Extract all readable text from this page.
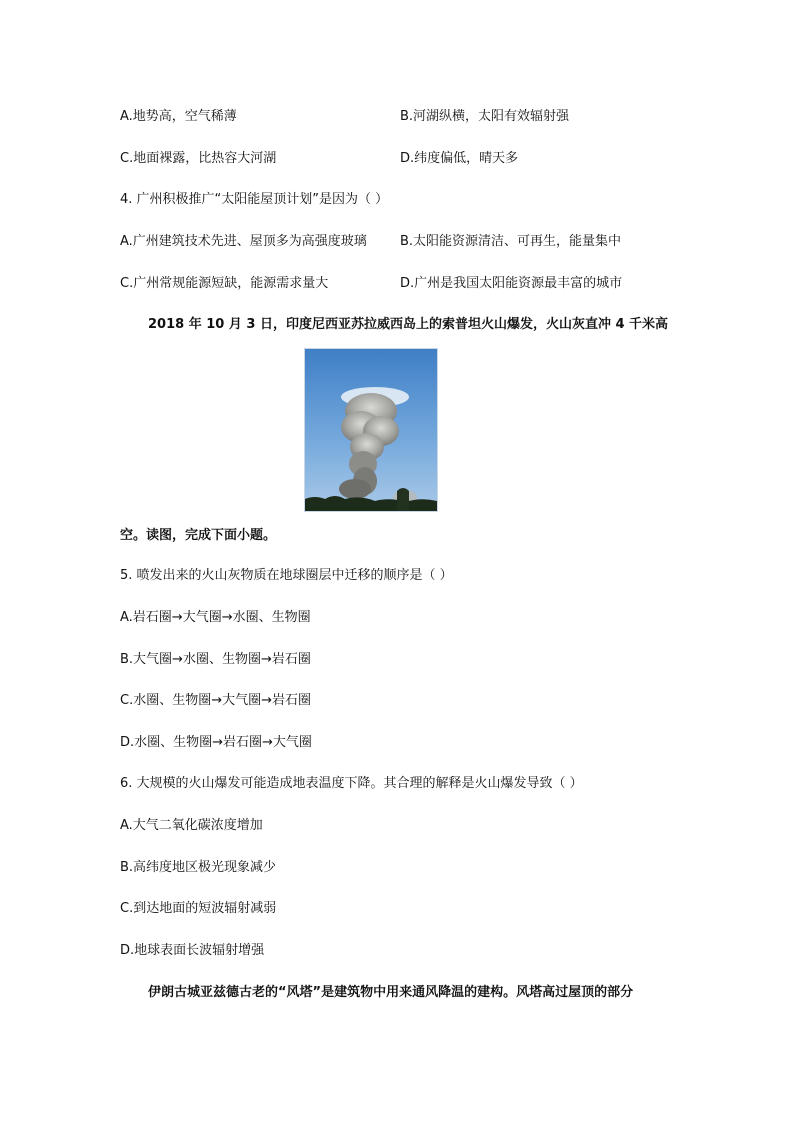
A.地势高，空气稀薄	B.河湖纵横，太阳有效辐射强
C.地面裸露，比热容大河湖	D.纬度偏低，晴天多
4. 广州积极推广“太阳能屋顶计划”是因为（ ）
A.广州建筑技术先进、屋顶多为高强度玻璃	B.太阳能资源清洁、可再生，能量集中
C.广州常规能源短缺，能源需求量大	D.广州是我国太阳能资源最丰富的城市
2018 年 10 月 3 日，印度尼西亚苏拉威西岛上的索普坦火山爆发，火山灰直冲 4 千米高
空。读图，完成下面小题。
5. 喷发出来的火山灰物质在地球圈层中迁移的顺序是（ ）
A.岩石圈→大气圈→水圈、生物圈
B.大气圈→水圈、生物圈→岩石圈
C.水圈、生物圈→大气圈→岩石圈
D.水圈、生物圈→岩石圈→大气圈
6. 大规模的火山爆发可能造成地表温度下降。其合理的解释是火山爆发导致（ ）
A.大气二氧化碳浓度增加
B.高纬度地区极光现象减少
C.到达地面的短波辐射减弱
D.地球表面长波辐射增强
伊朗古城亚兹德古老的“风塔”是建筑物中用来通风降温的建构。风塔高过屋顶的部分
